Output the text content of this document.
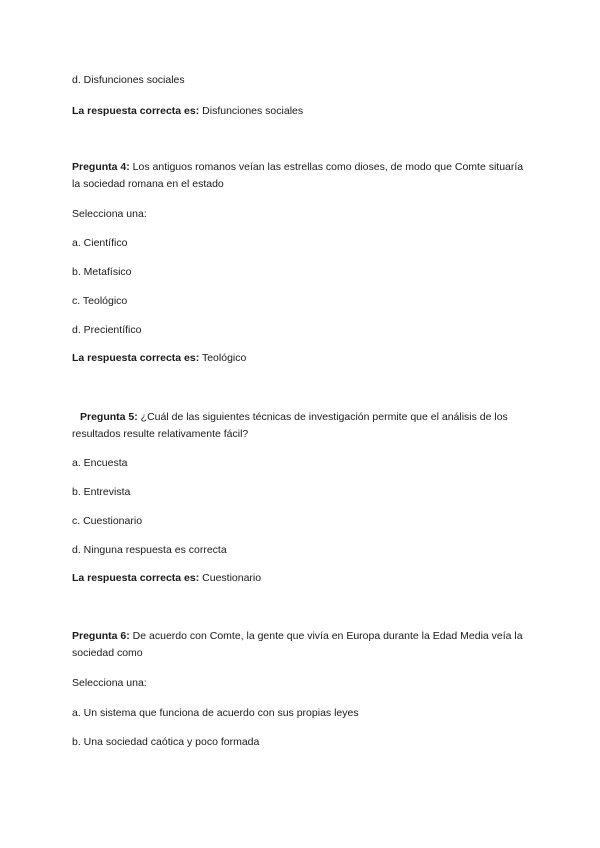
d. Disfunciones sociales
La respuesta correcta es: Disfunciones sociales
Pregunta 4: Los antiguos romanos veían las estrellas como dioses, de modo que Comte situaría la sociedad romana en el estado
Selecciona una:
a. Científico
b. Metafísico
c. Teológico
d. Precientífico
La respuesta correcta es: Teológico
Pregunta 5: ¿Cuál de las siguientes técnicas de investigación permite que el análisis de los resultados resulte relativamente fácil?
a. Encuesta
b. Entrevista
c. Cuestionario
d. Ninguna respuesta es correcta
La respuesta correcta es: Cuestionario
Pregunta 6: De acuerdo con Comte, la gente que vivía en Europa durante la Edad Media veía la sociedad como
Selecciona una:
a. Un sistema que funciona de acuerdo con sus propias leyes
b. Una sociedad caótica y poco formada
